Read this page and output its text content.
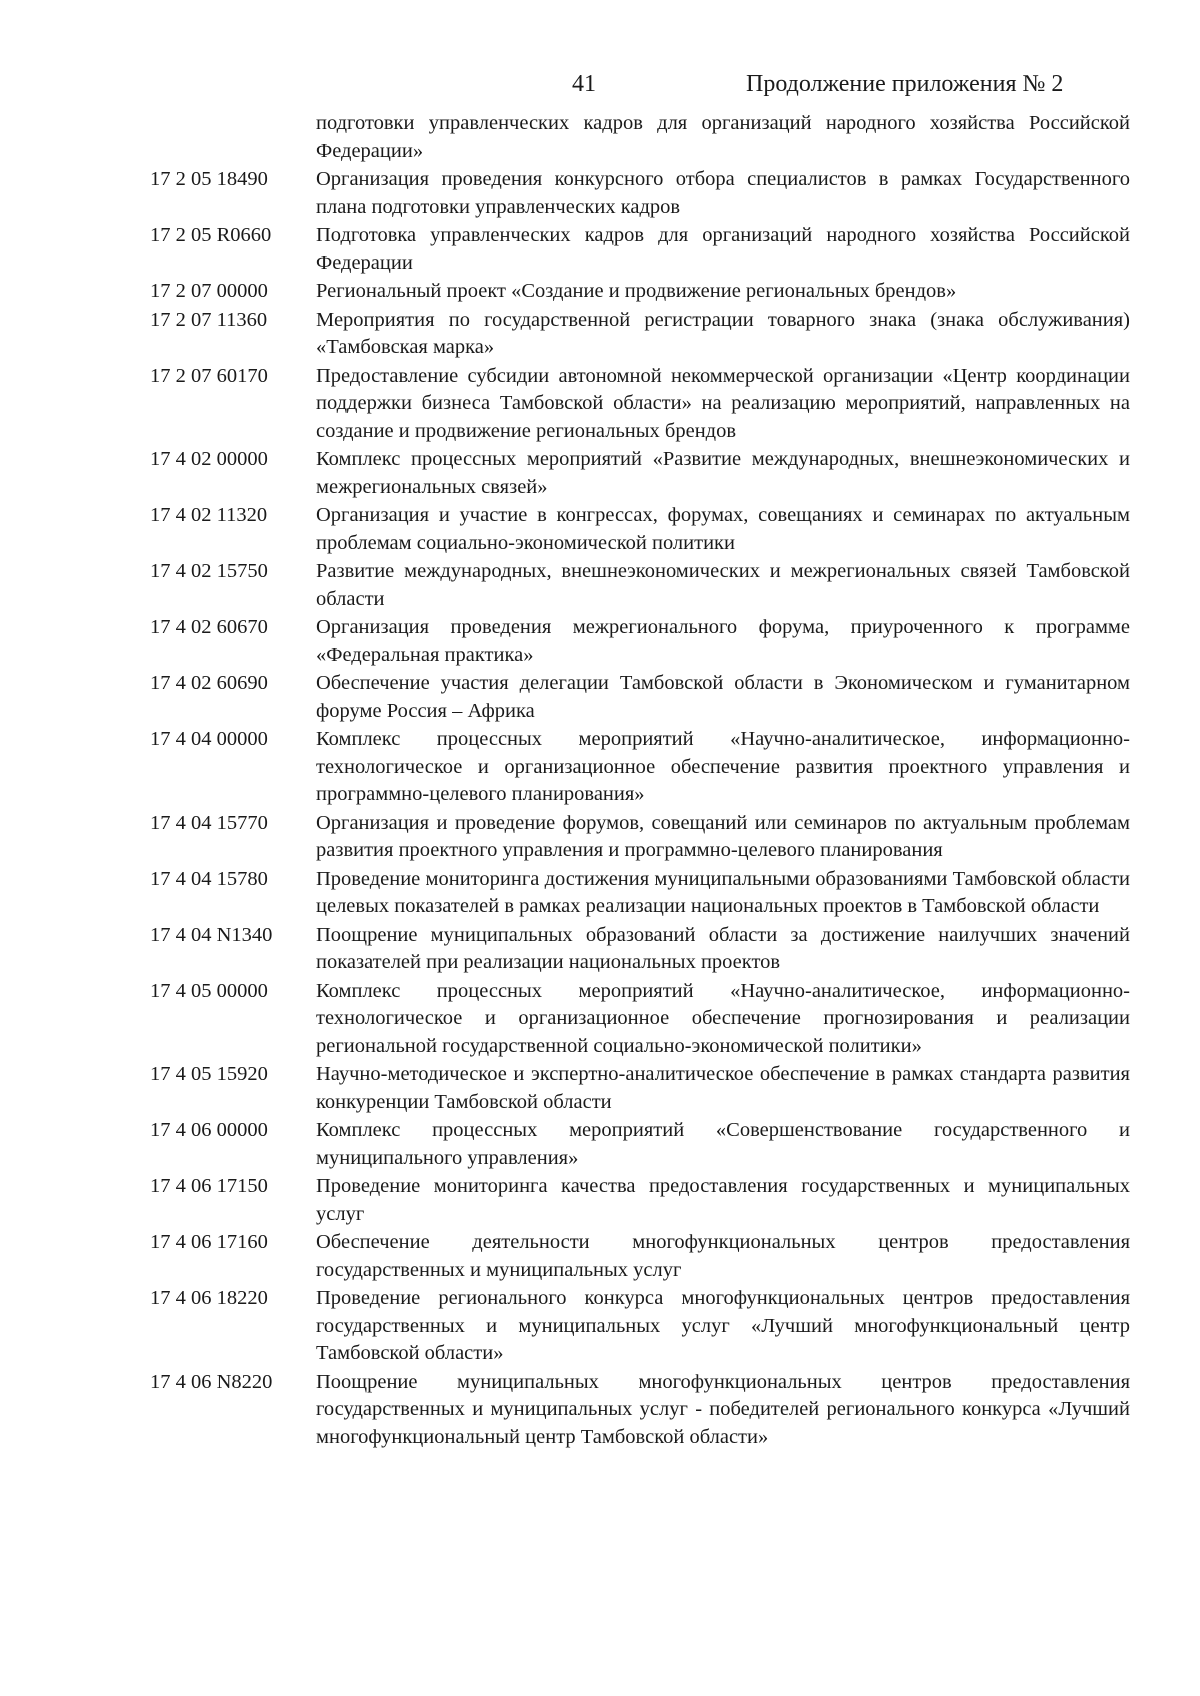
41	Продолжение приложения № 2
подготовки управленческих кадров для организаций народного хозяйства Российской Федерации»
17 2 05 18490	Организация проведения конкурсного отбора специалистов в рамках Государственного плана подготовки управленческих кадров
17 2 05 R0660	Подготовка управленческих кадров для организаций народного хозяйства Российской Федерации
17 2 07 00000	Региональный проект «Создание и продвижение региональных брендов»
17 2 07 11360	Мероприятия по государственной регистрации товарного знака (знака обслуживания) «Тамбовская марка»
17 2 07 60170	Предоставление субсидии автономной некоммерческой организации «Центр координации поддержки бизнеса Тамбовской области» на реализацию мероприятий, направленных на создание и продвижение региональных брендов
17 4 02 00000	Комплекс процессных мероприятий «Развитие международных, внешнеэкономических и межрегиональных связей»
17 4 02 11320	Организация и участие в конгрессах, форумах, совещаниях и семинарах по актуальным проблемам социально-экономической политики
17 4 02 15750	Развитие международных, внешнеэкономических и межрегиональных связей Тамбовской области
17 4 02 60670	Организация проведения межрегионального форума, приуроченного к программе «Федеральная практика»
17 4 02 60690	Обеспечение участия делегации Тамбовской области в Экономическом и гуманитарном форуме Россия – Африка
17 4 04 00000	Комплекс процессных мероприятий «Научно-аналитическое, информационно-технологическое и организационное обеспечение развития проектного управления и программно-целевого планирования»
17 4 04 15770	Организация и проведение форумов, совещаний или семинаров по актуальным проблемам развития проектного управления и программно-целевого планирования
17 4 04 15780	Проведение мониторинга достижения муниципальными образованиями Тамбовской области целевых показателей в рамках реализации национальных проектов в Тамбовской области
17 4 04 N1340	Поощрение муниципальных образований области за достижение наилучших значений показателей при реализации национальных проектов
17 4 05 00000	Комплекс процессных мероприятий «Научно-аналитическое, информационно-технологическое и организационное обеспечение прогнозирования и реализации региональной государственной социально-экономической политики»
17 4 05 15920	Научно-методическое и экспертно-аналитическое обеспечение в рамках стандарта развития конкуренции Тамбовской области
17 4 06 00000	Комплекс процессных мероприятий «Совершенствование государственного и муниципального управления»
17 4 06 17150	Проведение мониторинга качества предоставления государственных и муниципальных услуг
17 4 06 17160	Обеспечение деятельности многофункциональных центров предоставления государственных и муниципальных услуг
17 4 06 18220	Проведение регионального конкурса многофункциональных центров предоставления государственных и муниципальных услуг «Лучший многофункциональный центр Тамбовской области»
17 4 06 N8220	Поощрение муниципальных многофункциональных центров предоставления государственных и муниципальных услуг - победителей регионального конкурса «Лучший многофункциональный центр Тамбовской области»
